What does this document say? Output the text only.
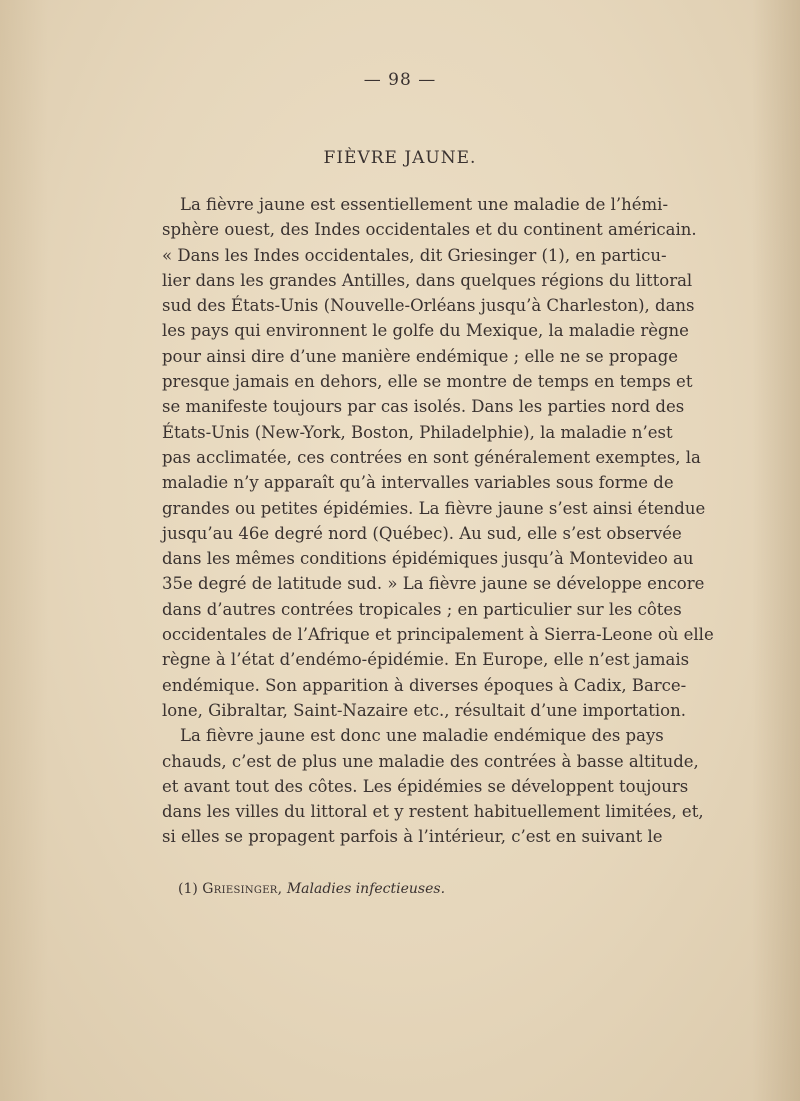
— 98 —
FIÈVRE JAUNE.
La fièvre jaune est essentiellement une maladie de l’hémi-
sphère ouest, des Indes occidentales et du continent américain.
« Dans les Indes occidentales, dit Griesinger (1), en particu-
lier dans les grandes Antilles, dans quelques régions du littoral
sud des États-Unis (Nouvelle-Orléans jusqu’à Charleston), dans
les pays qui environnent le golfe du Mexique, la maladie règne
pour ainsi dire d’une manière endémique ; elle ne se propage
presque jamais en dehors, elle se montre de temps en temps et
se manifeste toujours par cas isolés. Dans les parties nord des
États-Unis (New-York, Boston, Philadelphie), la maladie n’est
pas acclimatée, ces contrées en sont généralement exemptes, la
maladie n’y apparaît qu’à intervalles variables sous forme de
grandes ou petites épidémies. La fièvre jaune s’est ainsi étendue
jusqu’au 46e degré nord (Québec). Au sud, elle s’est observée
dans les mêmes conditions épidémiques jusqu’à Montevideo au
35e degré de latitude sud. » La fièvre jaune se développe encore
dans d’autres contrées tropicales ; en particulier sur les côtes
occidentales de l’Afrique et principalement à Sierra-Leone où elle
règne à l’état d’endémo-épidémie. En Europe, elle n’est jamais
endémique. Son apparition à diverses époques à Cadix, Barce-
lone, Gibraltar, Saint-Nazaire etc., résultait d’une importation.
La fièvre jaune est donc une maladie endémique des pays
chauds, c’est de plus une maladie des contrées à basse altitude,
et avant tout des côtes. Les épidémies se développent toujours
dans les villes du littoral et y restent habituellement limitées, et,
si elles se propagent parfois à l’intérieur, c’est en suivant le
(1) Griesinger, Maladies infectieuses.
